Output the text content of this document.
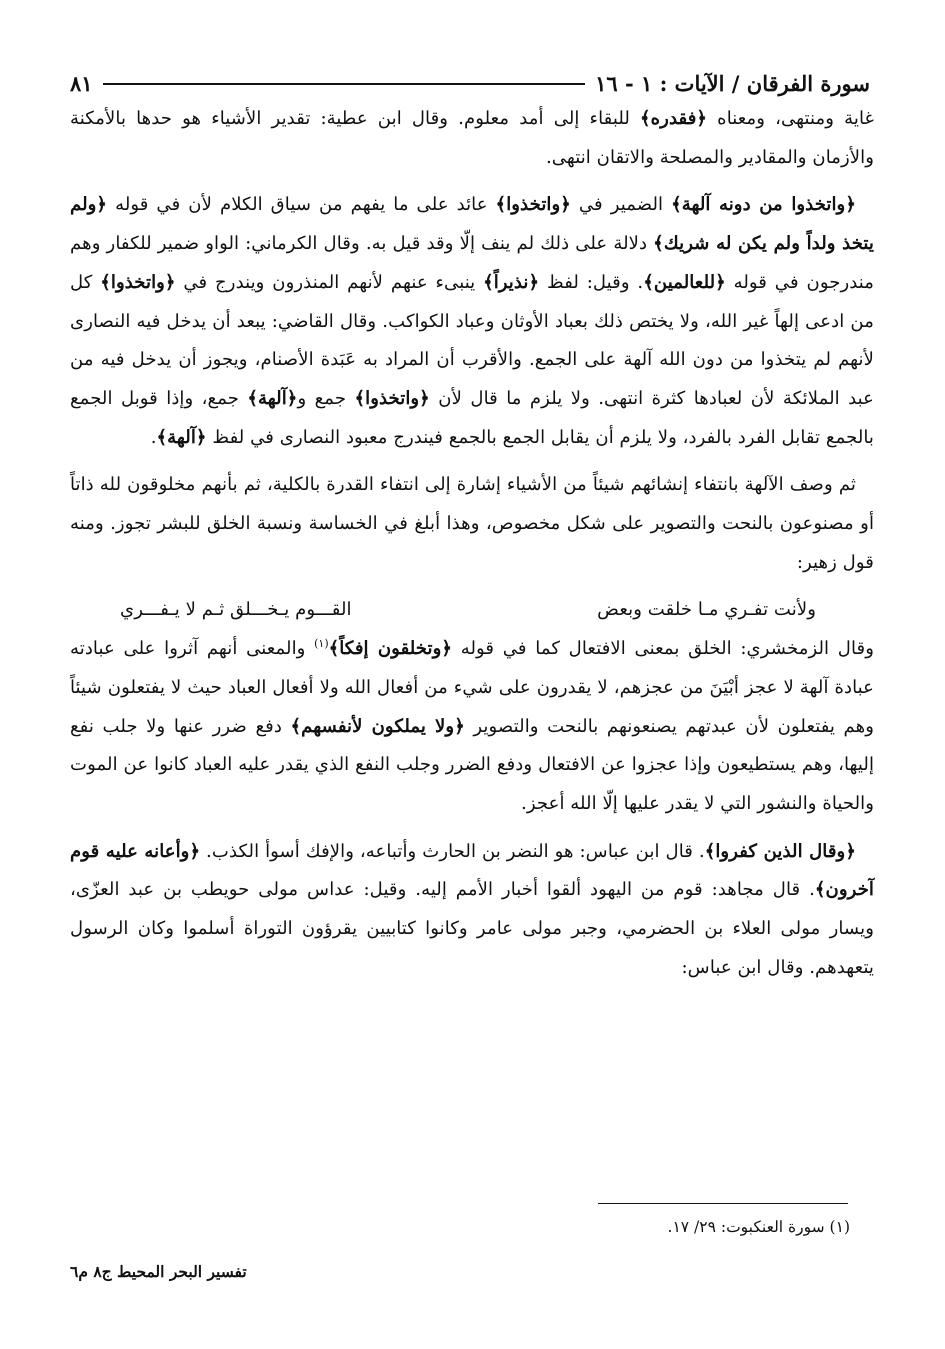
سورة الفرقان / الآيات : ١ - ١٦
٨١

غاية ومنتهى، ومعناه ﴿فقدره﴾ للبقاء إلى أمد معلوم. وقال ابن عطية: تقدير الأشياء هو حدها بالأمكنة والأزمان والمقادير والمصلحة والاتقان انتهى.

﴿واتخذوا من دونه آلهة﴾ الضمير في ﴿واتخذوا﴾ عائد على ما يفهم من سياق الكلام لأن في قوله ﴿ولم يتخذ ولداً ولم يكن له شريك﴾ دلالة على ذلك لم ينف إلّا وقد قيل به. وقال الكرماني: الواو ضمير للكفار وهم مندرجون في قوله ﴿للعالمين﴾. وقيل: لفظ ﴿نذيراً﴾ ينبىء عنهم لأنهم المنذرون ويندرج في ﴿واتخذوا﴾ كل من ادعى إلهاً غير الله، ولا يختص ذلك بعباد الأوثان وعباد الكواكب. وقال القاضي: يبعد أن يدخل فيه النصارى لأنهم لم يتخذوا من دون الله آلهة على الجمع. والأقرب أن المراد به عَبَدة الأصنام، ويجوز أن يدخل فيه من عبد الملائكة لأن لعبادها كثرة انتهى. ولا يلزم ما قال لأن ﴿واتخذوا﴾ جمع و﴿آلهة﴾ جمع، وإذا قوبل الجمع بالجمع تقابل الفرد بالفرد، ولا يلزم أن يقابل الجمع بالجمع فيندرج معبود النصارى في لفظ ﴿آلهة﴾.

ثم وصف الآلهة بانتفاء إنشائهم شيئاً من الأشياء إشارة إلى انتفاء القدرة بالكلية، ثم بأنهم مخلوقون لله ذاتاً أو مصنوعون بالنحت والتصوير على شكل مخصوص، وهذا أبلغ في الخساسة ونسبة الخلق للبشر تجوز. ومنه قول زهير:

ولأنت تفـري مـا خلقت وبعض
القـــوم يـخـــلق ثـم لا يـفـــري

وقال الزمخشري: الخلق بمعنى الافتعال كما في قوله ﴿وتخلقون إفكاً﴾$^{(١)}$ والمعنى أنهم آثروا على عبادته عبادة آلهة لا عجز أبْيَنَ من عجزهم، لا يقدرون على شيء من أفعال الله ولا أفعال العباد حيث لا يفتعلون شيئاً وهم يفتعلون لأن عبدتهم يصنعونهم بالنحت والتصوير ﴿ولا يملكون لأنفسهم﴾ دفع ضرر عنها ولا جلب نفع إليها، وهم يستطيعون وإذا عجزوا عن الافتعال ودفع الضرر وجلب النفع الذي يقدر عليه العباد كانوا عن الموت والحياة والنشور التي لا يقدر عليها إلّا الله أعجز.

﴿وقال الذين كفروا﴾. قال ابن عباس: هو النضر بن الحارث وأتباعه، والإفك أسوأ الكذب. ﴿وأعانه عليه قوم آخرون﴾. قال مجاهد: قوم من اليهود ألقوا أخبار الأمم إليه. وقيل: عداس مولى حويطب بن عبد العزّى، ويسار مولى العلاء بن الحضرمي، وجبر مولى عامر وكانوا كتابيين يقرؤون التوراة أسلموا وكان الرسول يتعهدهم. وقال ابن عباس:

(١) سورة العنكبوت: ٢٩/ ١٧.
تفسير البحر المحيط ج٨ م٦
